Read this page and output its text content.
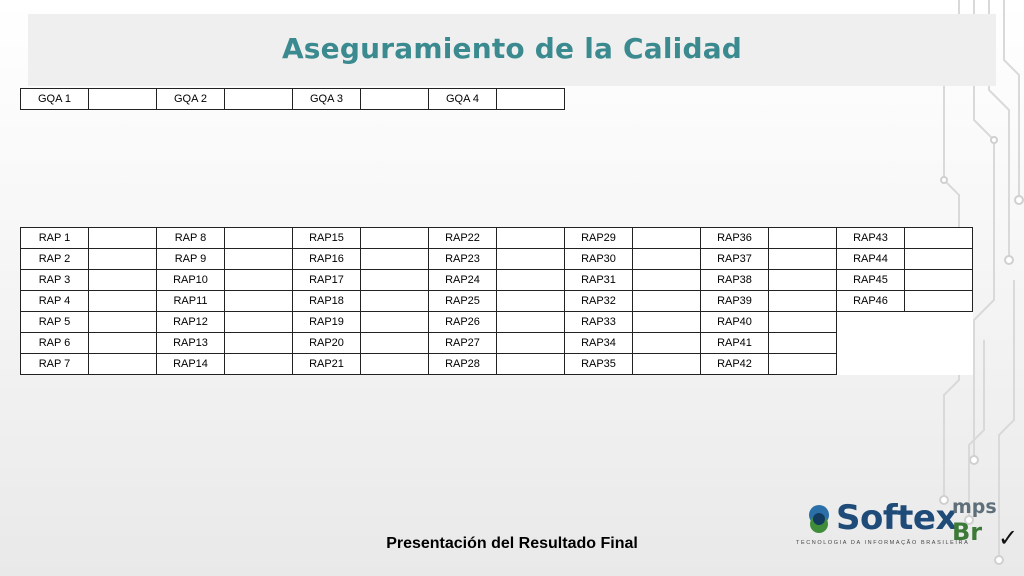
Aseguramiento de la Calidad
GQA 1		GQA 2		GQA 3		GQA 4	
RAP 1		RAP 8		RAP15		RAP22		RAP29		RAP36		RAP43	
RAP 2		RAP 9		RAP16		RAP23		RAP30		RAP37		RAP44	
RAP 3		RAP10		RAP17		RAP24		RAP31		RAP38		RAP45	
RAP 4		RAP11		RAP18		RAP25		RAP32		RAP39		RAP46	
RAP 5		RAP12		RAP19		RAP26		RAP33		RAP40			
RAP 6		RAP13		RAP20		RAP27		RAP34		RAP41			
RAP 7		RAP14		RAP21		RAP28		RAP35		RAP42			
Presentación del Resultado Final
Softex
TECNOLOGIA DA INFORMAÇÃO BRASILEIRA
mps
Br ✓
